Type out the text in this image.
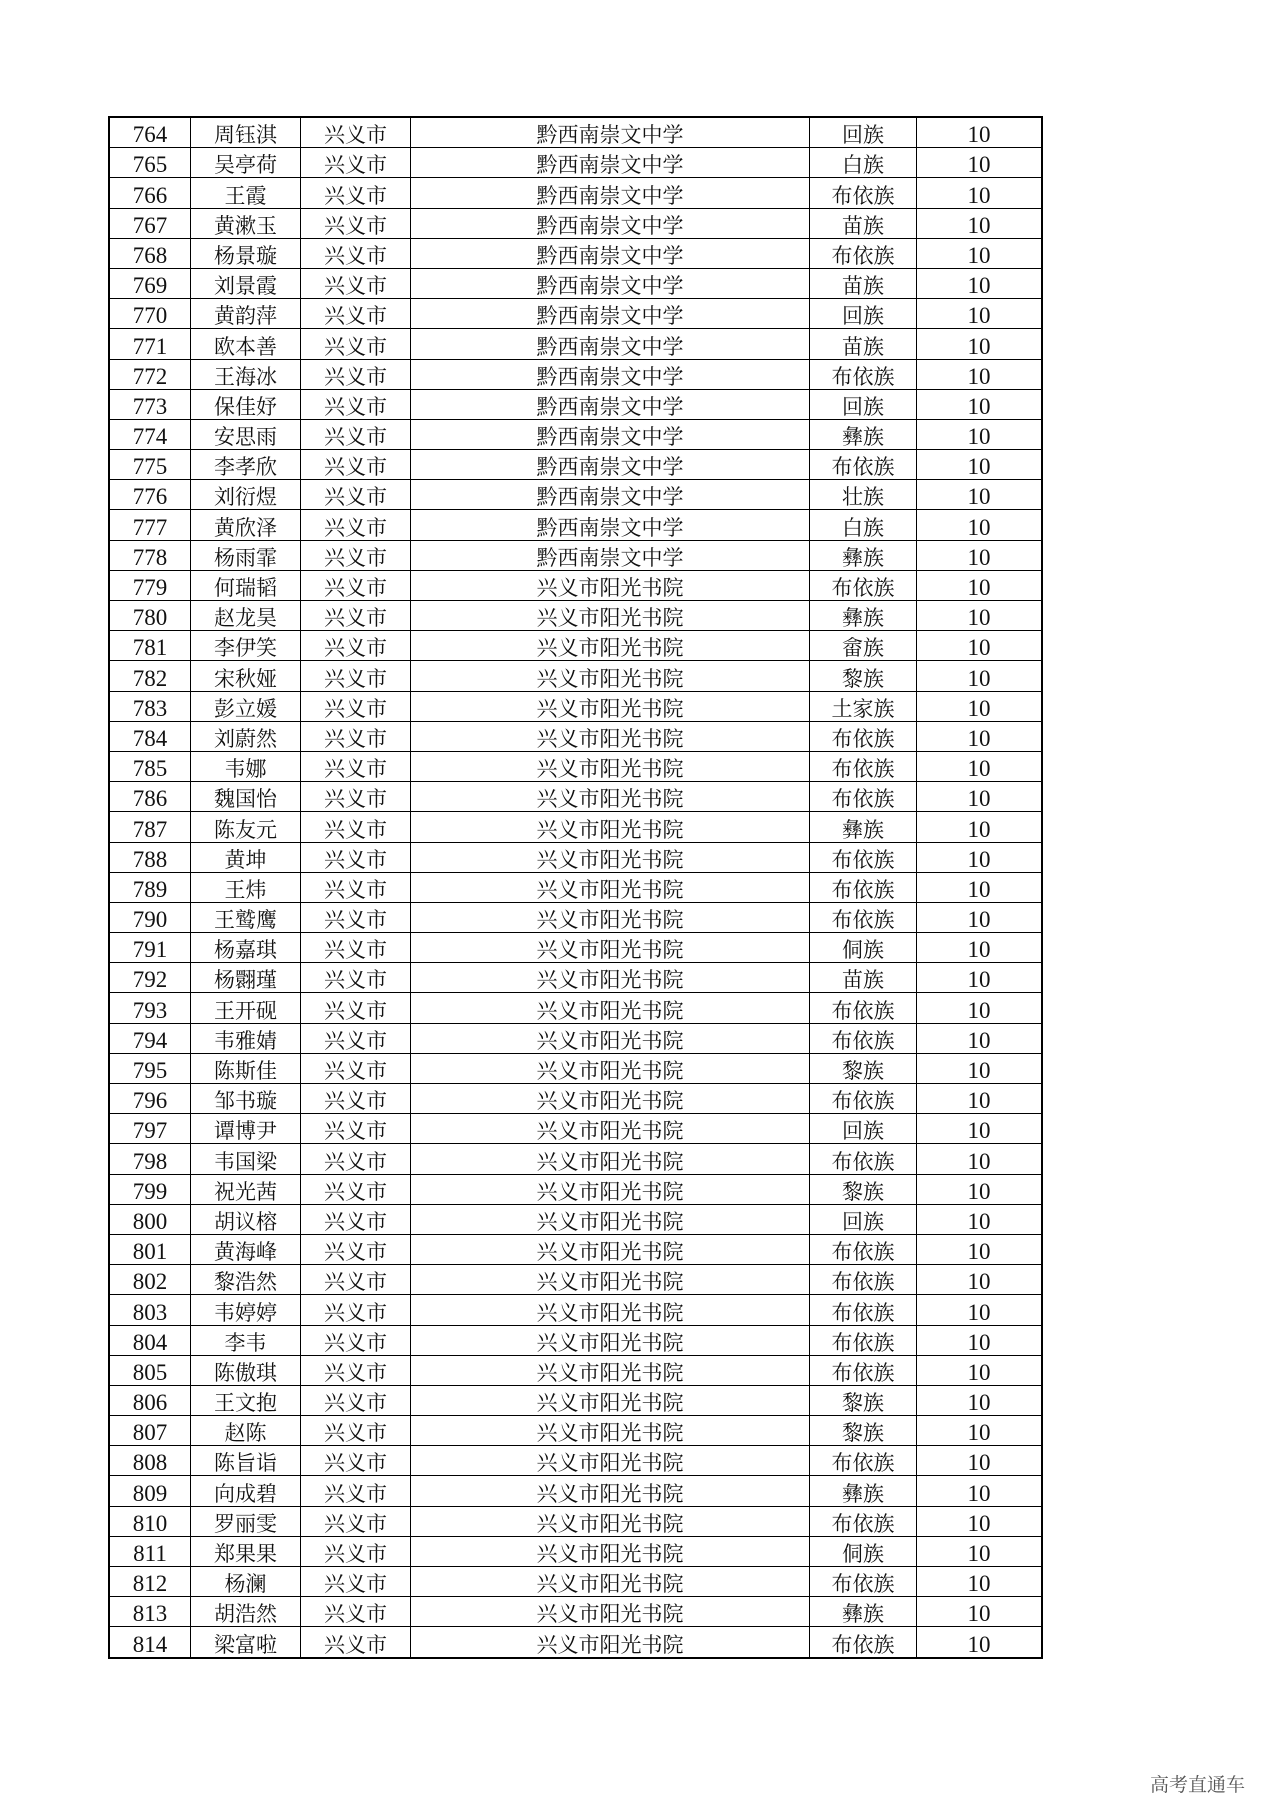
764	周钰淇	兴义市	黔西南崇文中学	回族	10
765	吴亭荷	兴义市	黔西南崇文中学	白族	10
766	王霞	兴义市	黔西南崇文中学	布依族	10
767	黄漱玉	兴义市	黔西南崇文中学	苗族	10
768	杨景璇	兴义市	黔西南崇文中学	布依族	10
769	刘景霞	兴义市	黔西南崇文中学	苗族	10
770	黄韵萍	兴义市	黔西南崇文中学	回族	10
771	欧本善	兴义市	黔西南崇文中学	苗族	10
772	王海冰	兴义市	黔西南崇文中学	布依族	10
773	保佳妤	兴义市	黔西南崇文中学	回族	10
774	安思雨	兴义市	黔西南崇文中学	彝族	10
775	李孝欣	兴义市	黔西南崇文中学	布依族	10
776	刘衍煜	兴义市	黔西南崇文中学	壮族	10
777	黄欣泽	兴义市	黔西南崇文中学	白族	10
778	杨雨霏	兴义市	黔西南崇文中学	彝族	10
779	何瑞韬	兴义市	兴义市阳光书院	布依族	10
780	赵龙昊	兴义市	兴义市阳光书院	彝族	10
781	李伊笑	兴义市	兴义市阳光书院	畲族	10
782	宋秋娅	兴义市	兴义市阳光书院	黎族	10
783	彭立媛	兴义市	兴义市阳光书院	土家族	10
784	刘蔚然	兴义市	兴义市阳光书院	布依族	10
785	韦娜	兴义市	兴义市阳光书院	布依族	10
786	魏国怡	兴义市	兴义市阳光书院	布依族	10
787	陈友元	兴义市	兴义市阳光书院	彝族	10
788	黄坤	兴义市	兴义市阳光书院	布依族	10
789	王炜	兴义市	兴义市阳光书院	布依族	10
790	王鹫鹰	兴义市	兴义市阳光书院	布依族	10
791	杨嘉琪	兴义市	兴义市阳光书院	侗族	10
792	杨翾瑾	兴义市	兴义市阳光书院	苗族	10
793	王开砚	兴义市	兴义市阳光书院	布依族	10
794	韦雅婧	兴义市	兴义市阳光书院	布依族	10
795	陈斯佳	兴义市	兴义市阳光书院	黎族	10
796	邹书璇	兴义市	兴义市阳光书院	布依族	10
797	谭博尹	兴义市	兴义市阳光书院	回族	10
798	韦国梁	兴义市	兴义市阳光书院	布依族	10
799	祝光茜	兴义市	兴义市阳光书院	黎族	10
800	胡议榕	兴义市	兴义市阳光书院	回族	10
801	黄海峰	兴义市	兴义市阳光书院	布依族	10
802	黎浩然	兴义市	兴义市阳光书院	布依族	10
803	韦婷婷	兴义市	兴义市阳光书院	布依族	10
804	李韦	兴义市	兴义市阳光书院	布依族	10
805	陈傲琪	兴义市	兴义市阳光书院	布依族	10
806	王文抱	兴义市	兴义市阳光书院	黎族	10
807	赵陈	兴义市	兴义市阳光书院	黎族	10
808	陈旨诣	兴义市	兴义市阳光书院	布依族	10
809	向成碧	兴义市	兴义市阳光书院	彝族	10
810	罗丽雯	兴义市	兴义市阳光书院	布依族	10
811	郑果果	兴义市	兴义市阳光书院	侗族	10
812	杨澜	兴义市	兴义市阳光书院	布依族	10
813	胡浩然	兴义市	兴义市阳光书院	彝族	10
814	梁富啦	兴义市	兴义市阳光书院	布依族	10
高考直通车
